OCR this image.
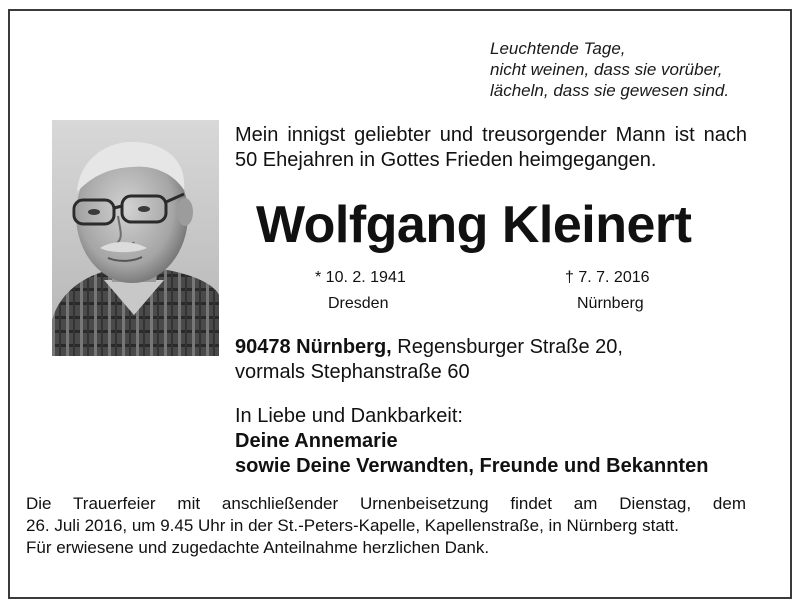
Leuchtende Tage,
nicht weinen, dass sie vorüber,
lächeln, dass sie gewesen sind.
Mein innigst geliebter und treusorgender Mann ist nach 50 Ehejahren in Gottes Frieden heimgegangen.
Wolfgang Kleinert
* 10. 2. 1941
Dresden
† 7. 7. 2016
Nürnberg
90478 Nürnberg, Regensburger Straße 20,
vormals Stephanstraße 60
In Liebe und Dankbarkeit:
Deine Annemarie
sowie Deine Verwandten, Freunde und Bekannten
Die Trauerfeier mit anschließender Urnenbeisetzung findet am Dienstag, dem
26. Juli 2016, um 9.45 Uhr in der St.-Peters-Kapelle, Kapellenstraße, in Nürnberg statt.
Für erwiesene und zugedachte Anteilnahme herzlichen Dank.
